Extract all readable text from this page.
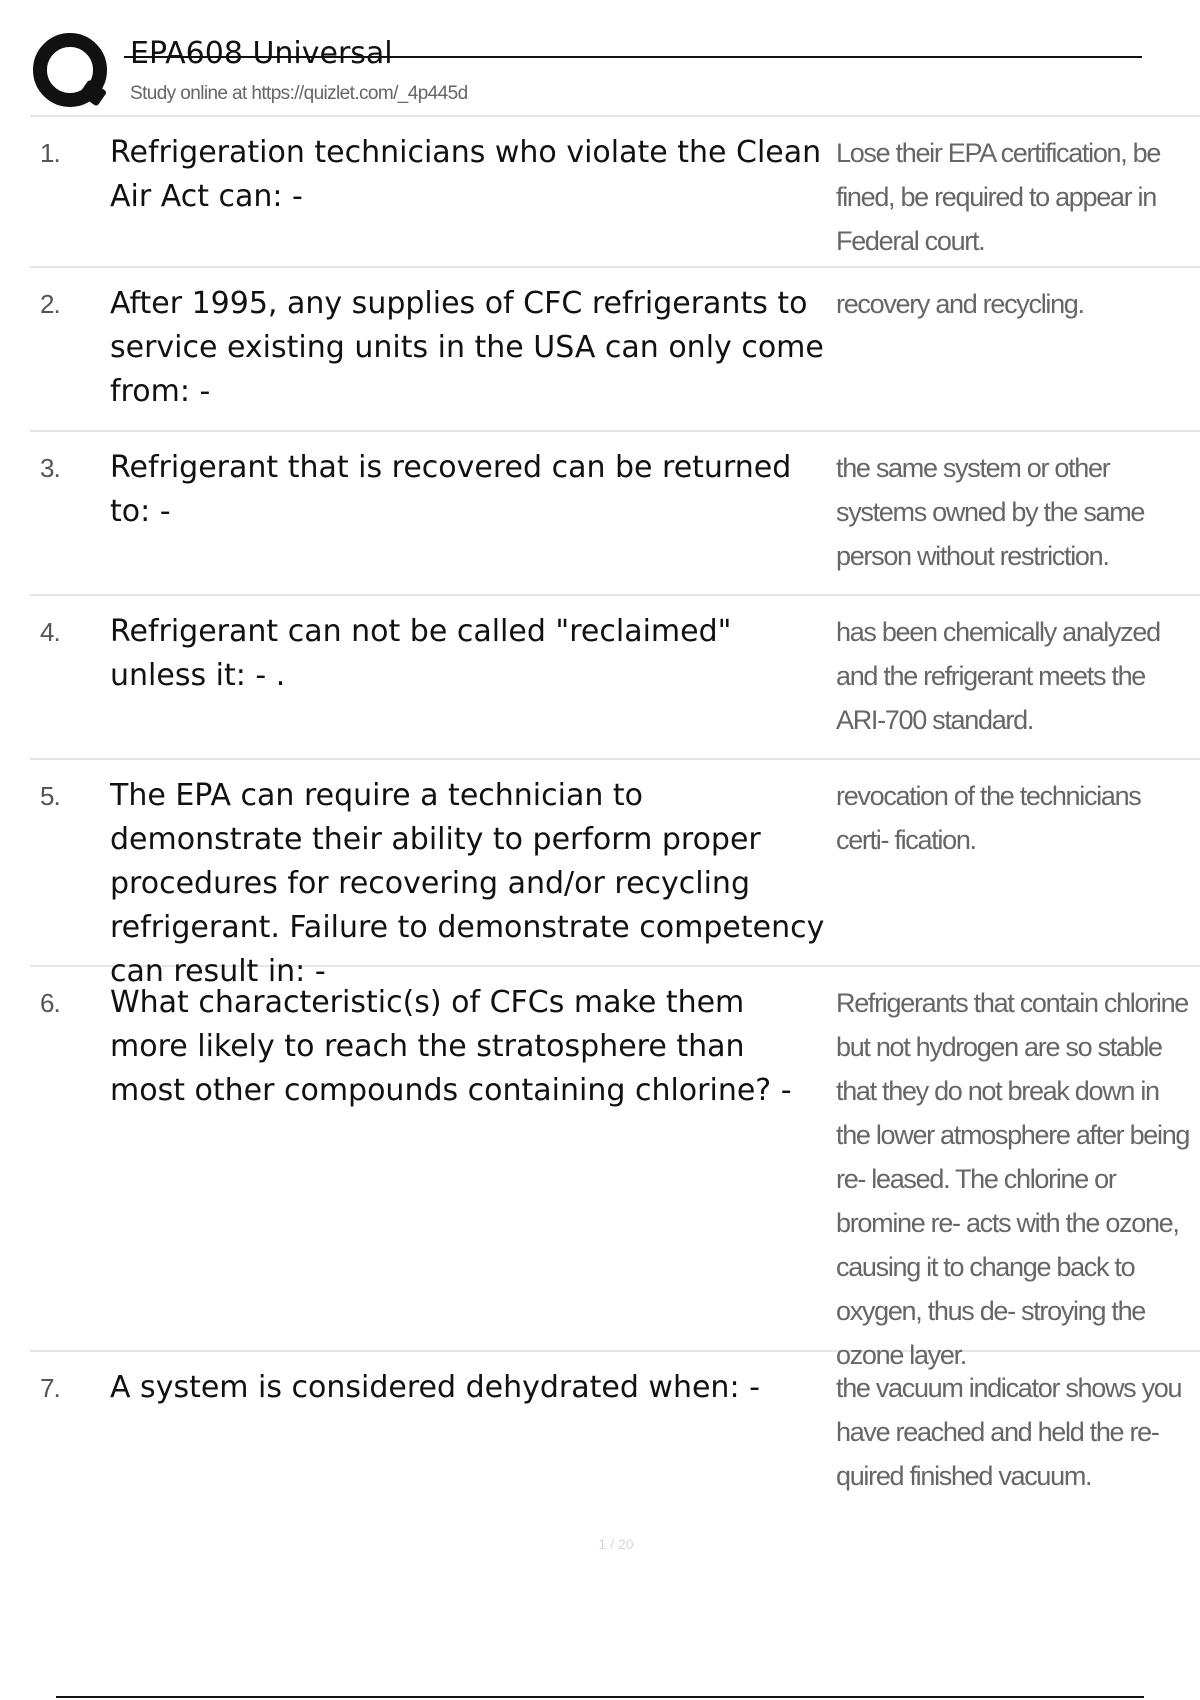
EPA608 Universal
Study online at https://quizlet.com/_4p445d
1.	Refrigeration technicians who violate the Clean Air Act can: -
Lose their EPA certification, be fined, be required to appear in Federal court.
2.	After 1995, any supplies of CFC refrigerants to service existing units in the USA can only come from: -
recovery and recycling.
3.	Refrigerant that is recovered can be returned to: -
the same system or other systems owned by the same person without restriction.
4.	Refrigerant can not be called "reclaimed" unless it: - .
has been chemically analyzed and the refrigerant meets the ARI-700 standard.
5.	The EPA can require a technician to demonstrate their ability to perform proper procedures for recovering and/or recycling refrigerant. Failure to demonstrate competency can result in: -
revocation of the technicians certi- fication.
6.	What characteristic(s) of CFCs make them more likely to reach the stratosphere than most other compounds containing chlorine? -
Refrigerants that contain chlorine but not hydrogen are so stable that they do not break down in the lower atmosphere after being re- leased. The chlorine or bromine re- acts with the ozone, causing it to change back to oxygen, thus de- stroying the ozone layer.
7.	A system is considered dehydrated when: -	the vacuum indicator shows you have reached and held the re- quired finished vacuum.
1 / 20
